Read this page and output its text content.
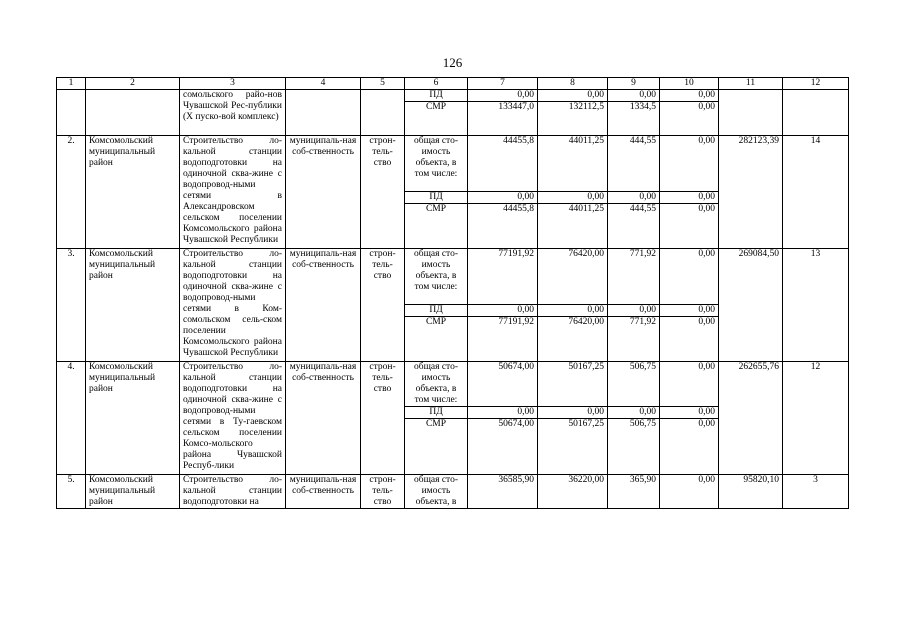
126
1	2	3	4	5	6	7	8	9	10	11	12
		сомольского райо-нов Чувашской Рес-публики (X пуско-вой комплекс)			ПД	0,00	0,00	0,00	0,00		
					СМР	133447,0	132112,5	1334,5	0,00		
2.	Комсомольский муниципальный район	Строительство ло-кальной станции водоподготовки на одиночной сква-жине с водопровод-ными сетями в Александровском сельском поселении Комсомольского района Чувашской Республики	муниципаль-ная соб-ственность	строн-тель-ство	общая сто-имость объекта, в том числе:	44455,8	44011,25	444,55	0,00	282123,39	14
					ПД	0,00	0,00	0,00	0,00		
					СМР	44455,8	44011,25	444,55	0,00		
3.	Комсомольский муниципальный район	Строительство ло-кальной станции водоподготовки на одиночной сква-жине с водопровод-ными сетями в Ком-сомольском сель-ском поселении Комсомольского района Чувашской Республики	муниципаль-ная соб-ственность	строн-тель-ство	общая сто-имость объекта, в том числе:	77191,92	76420,00	771,92	0,00	269084,50	13
					ПД	0,00	0,00	0,00	0,00		
					СМР	77191,92	76420,00	771,92	0,00		
4.	Комсомольский муниципальный район	Строительство ло-кальной станции водоподготовки на одиночной сква-жине с водопровод-ными сетями в Ту-гаевском сельском поселении Комсо-мольского района Чувашской Респуб-лики	муниципаль-ная соб-ственность	строн-тель-ство	общая сто-имость объекта, в том числе:	50674,00	50167,25	506,75	0,00	262655,76	12
					ПД	0,00	0,00	0,00	0,00		
					СМР	50674,00	50167,25	506,75	0,00		
5.	Комсомольский муниципальный район	Строительство ло-кальной станции водоподготовки на	муниципаль-ная соб-ственность	строн-тель-ство	общая сто-имость объекта, в	36585,90	36220,00	365,90	0,00	95820,10	3
